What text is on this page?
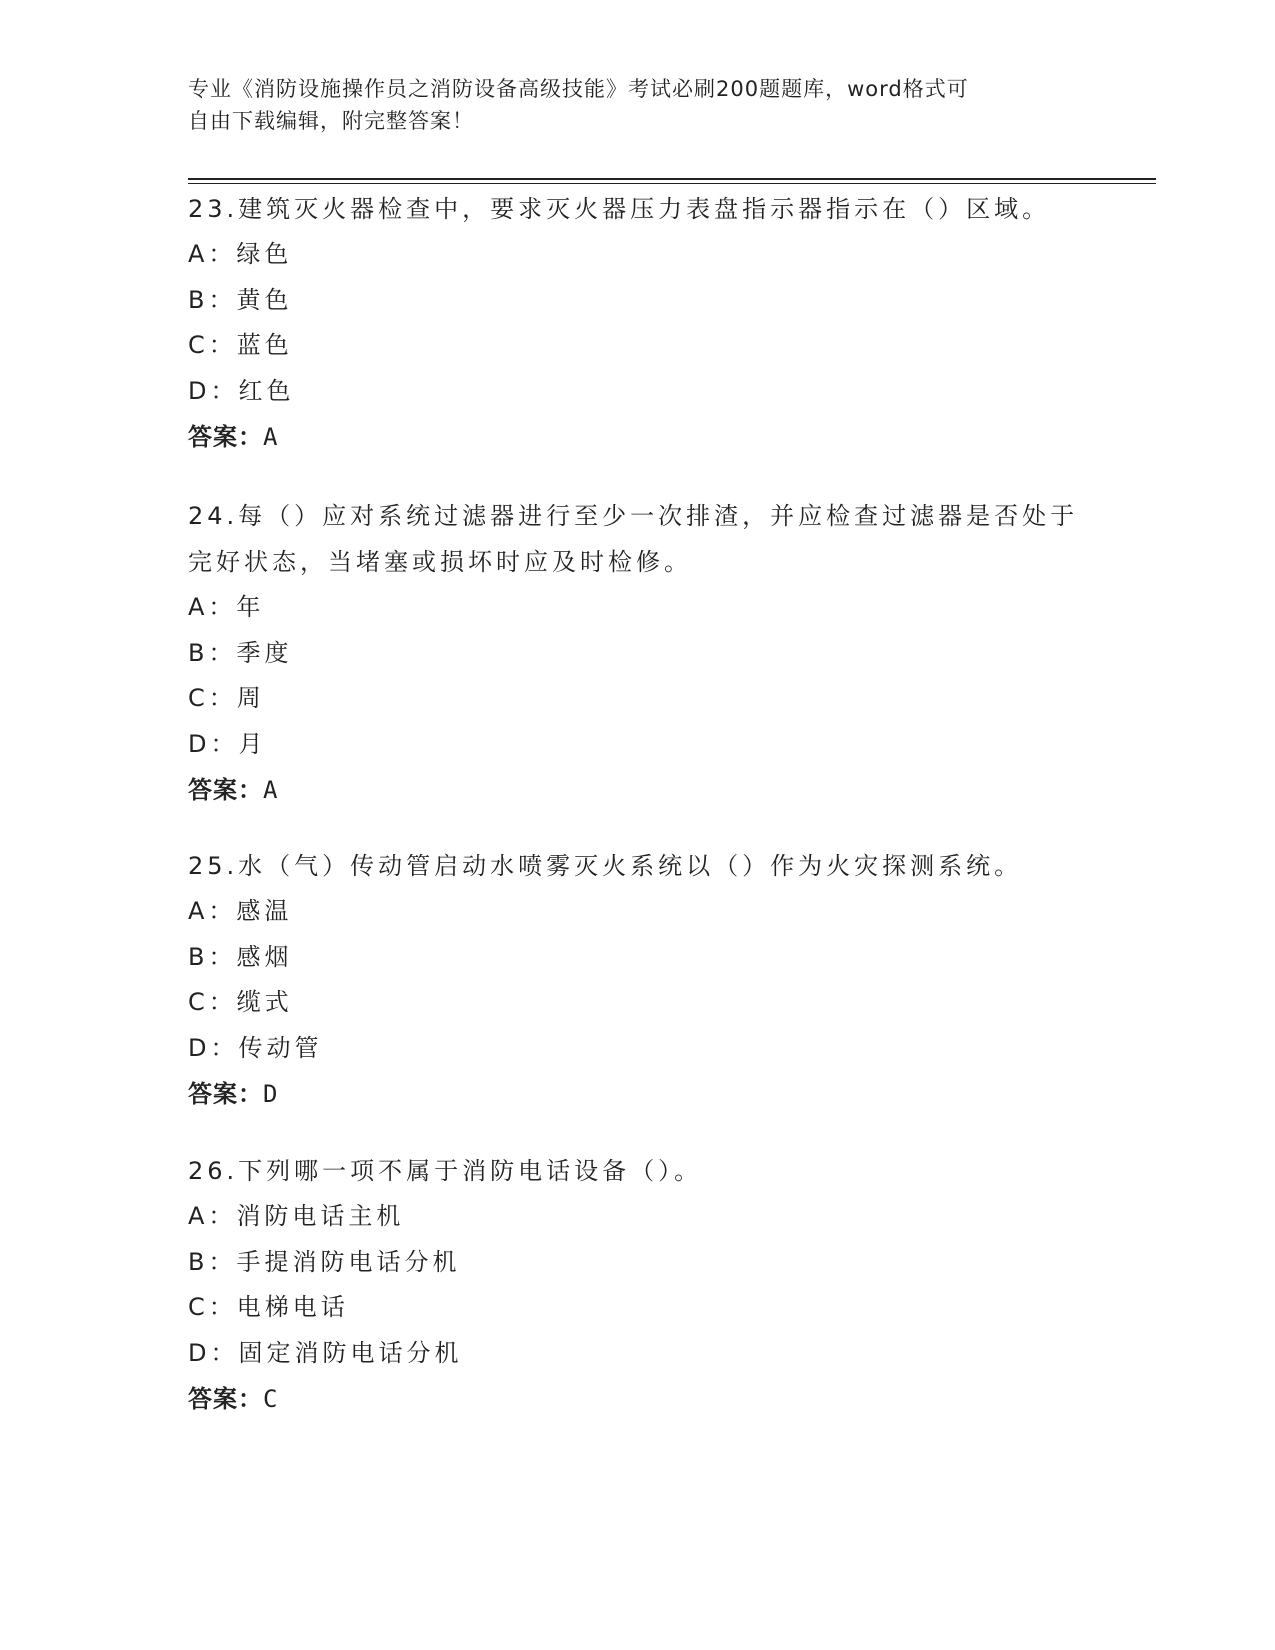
专业《消防设施操作员之消防设备高级技能》考试必刷200题题库，word格式可
自由下载编辑，附完整答案！

23.建筑灭火器检查中，要求灭火器压力表盘指示器指示在（）区域。

A：绿色

B：黄色

C：蓝色

D：红色

答案：A

24.每（）应对系统过滤器进行至少一次排渣，并应检查过滤器是否处于完好状态，当堵塞或损坏时应及时检修。

A：年

B：季度

C：周

D：月

答案：A

25.水（气）传动管启动水喷雾灭火系统以（）作为火灾探测系统。

A：感温

B：感烟

C：缆式

D：传动管

答案：D

26.下列哪一项不属于消防电话设备（）。

A：消防电话主机

B：手提消防电话分机

C：电梯电话

D：固定消防电话分机

答案：C
